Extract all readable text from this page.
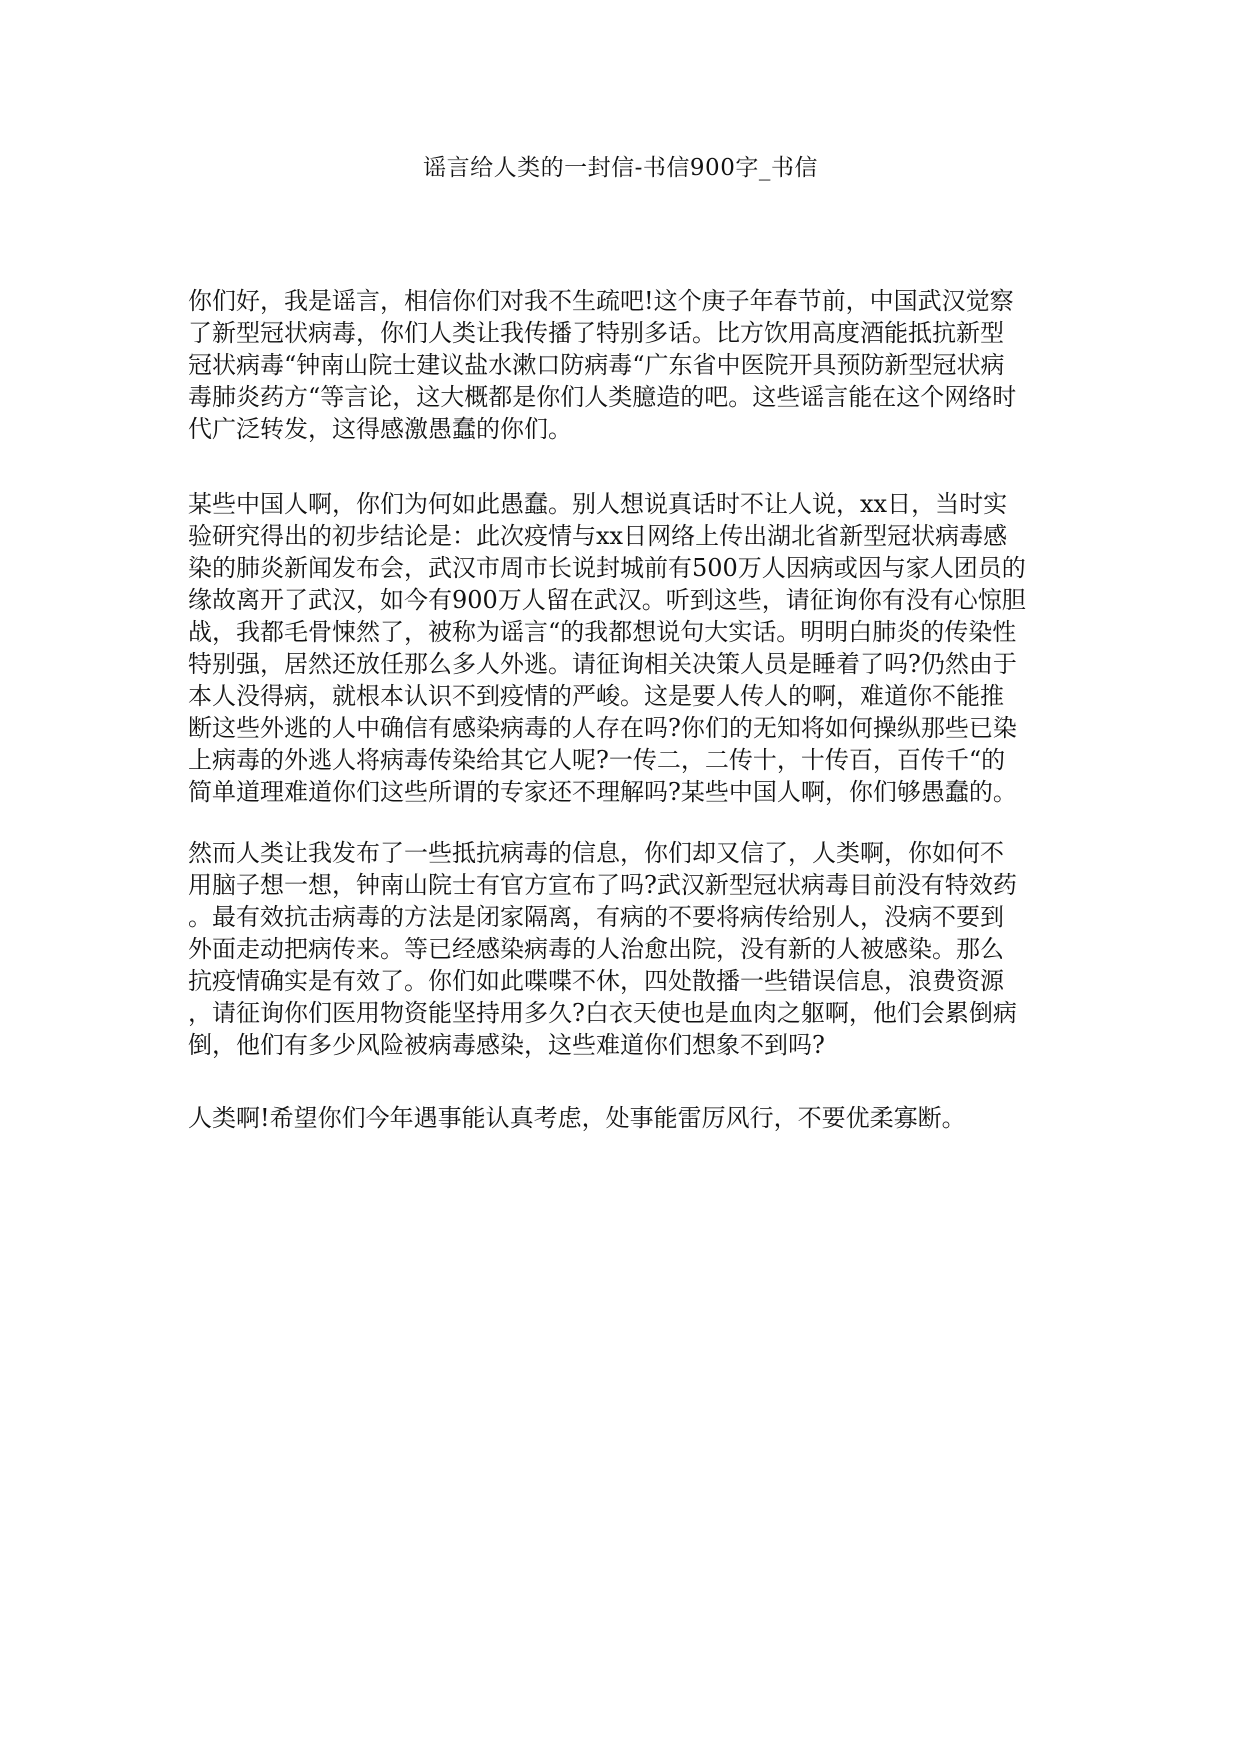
谣言给人类的一封信-书信900字_书信
你们好，我是谣言，相信你们对我不生疏吧!这个庚子年春节前，中国武汉觉察
了新型冠状病毒，你们人类让我传播了特别多话。比方饮用高度酒能抵抗新型
冠状病毒“钟南山院士建议盐水漱口防病毒“广东省中医院开具预防新型冠状病
毒肺炎药方“等言论，这大概都是你们人类臆造的吧。这些谣言能在这个网络时
代广泛转发，这得感激愚蠢的你们。
某些中国人啊，你们为何如此愚蠢。别人想说真话时不让人说，xx日，当时实
验研究得出的初步结论是：此次疫情与xx日网络上传出湖北省新型冠状病毒感
染的肺炎新闻发布会，武汉市周市长说封城前有500万人因病或因与家人团员的
缘故离开了武汉，如今有900万人留在武汉。听到这些，请征询你有没有心惊胆
战，我都毛骨悚然了，被称为谣言“的我都想说句大实话。明明白肺炎的传染性
特别强，居然还放任那么多人外逃。请征询相关决策人员是睡着了吗?仍然由于
本人没得病，就根本认识不到疫情的严峻。这是要人传人的啊，难道你不能推
断这些外逃的人中确信有感染病毒的人存在吗?你们的无知将如何操纵那些已染
上病毒的外逃人将病毒传染给其它人呢?一传二，二传十，十传百，百传千“的
简单道理难道你们这些所谓的专家还不理解吗?某些中国人啊，你们够愚蠢的。
然而人类让我发布了一些抵抗病毒的信息，你们却又信了，人类啊，你如何不
用脑子想一想，钟南山院士有官方宣布了吗?武汉新型冠状病毒目前没有特效药
。最有效抗击病毒的方法是闭家隔离，有病的不要将病传给别人，没病不要到
外面走动把病传来。等已经感染病毒的人治愈出院，没有新的人被感染。那么
抗疫情确实是有效了。你们如此喋喋不休，四处散播一些错误信息，浪费资源
，请征询你们医用物资能坚持用多久?白衣天使也是血肉之躯啊，他们会累倒病
倒，他们有多少风险被病毒感染，这些难道你们想象不到吗?
人类啊!希望你们今年遇事能认真考虑，处事能雷厉风行，不要优柔寡断。
